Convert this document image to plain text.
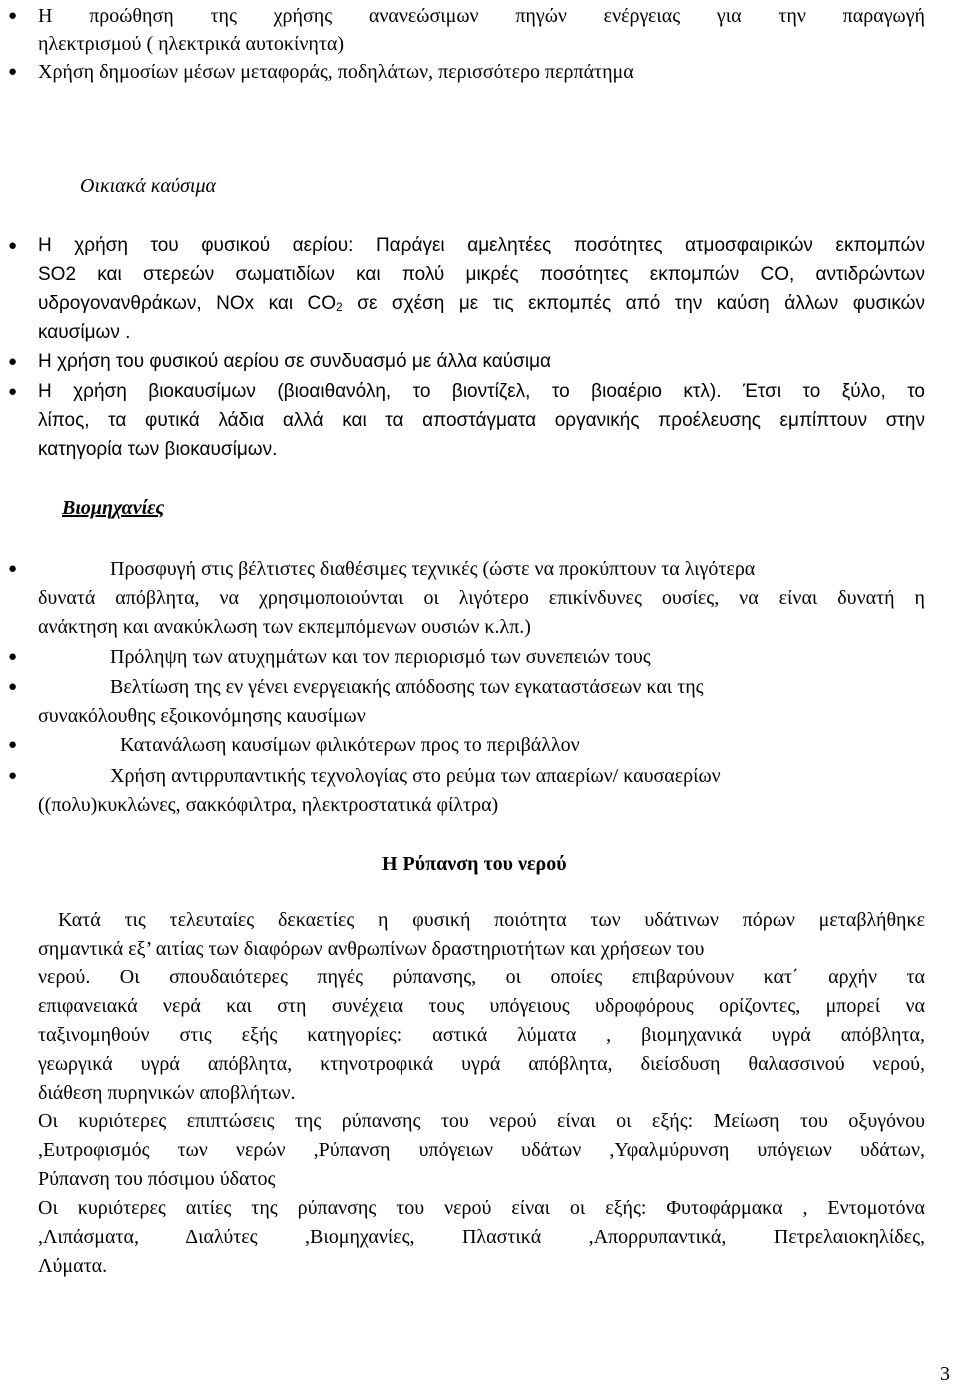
● Η προώθηση της χρήσης ανανεώσιμων πηγών ενέργειας για την παραγωγή
ηλεκτρισμού ( ηλεκτρικά αυτοκίνητα)
● Χρήση δημοσίων μέσων μεταφοράς, ποδηλάτων, περισσότερο περπάτημα
Οικιακά καύσιμα
● Η χρήση του φυσικού αερίου: Παράγει αμελητέες ποσότητες ατμοσφαιρικών εκπομπών
SO2 και στερεών σωματιδίων και πολύ μικρές ποσότητες εκπομπών CO, αντιδρώντων
υδρογονανθράκων, NOx και $CO_2$ σε σχέση με τις εκπομπές από την καύση άλλων φυσικών
καυσίμων .
● Η χρήση του φυσικού αερίου σε συνδυασμό με άλλα καύσιμα
● Η χρήση βιοκαυσίμων (βιοαιθανόλη, το βιοντίζελ, το βιοαέριο κτλ). Έτσι το ξύλο, το
λίπος, τα φυτικά λάδια αλλά και τα αποστάγματα οργανικής προέλευσης εμπίπτουν στην
κατηγορία των βιοκαυσίμων.
Βιομηχανίες
●	Προσφυγή στις βέλτιστες διαθέσιμες τεχνικές (ώστε να προκύπτουν τα λιγότερα
δυνατά απόβλητα, να χρησιμοποιούνται οι λιγότερο επικίνδυνες ουσίες, να είναι δυνατή η
ανάκτηση και ανακύκλωση των εκπεμπόμενων ουσιών κ.λπ.)
●	Πρόληψη των ατυχημάτων και τον περιορισμό των συνεπειών τους
●	Βελτίωση της εν γένει ενεργειακής απόδοσης των εγκαταστάσεων και της
συνακόλουθης εξοικονόμησης καυσίμων
●	Κατανάλωση καυσίμων φιλικότερων προς το περιβάλλον
●	Χρήση αντιρρυπαντικής τεχνολογίας στο ρεύμα των απαερίων/ καυσαερίων
((πολυ)κυκλώνες, σακκόφιλτρα, ηλεκτροστατικά φίλτρα)
Η Ρύπανση του νερού
Κατά τις τελευταίες δεκαετίες η φυσική ποιότητα των υδάτινων πόρων μεταβλήθηκε
σημαντικά εξ’ αιτίας των διαφόρων ανθρωπίνων δραστηριοτήτων και χρήσεων του
νερού. Οι σπουδαιότερες πηγές ρύπανσης, οι οποίες επιβαρύνουν κατ΄ αρχήν τα
επιφανειακά νερά και στη συνέχεια τους υπόγειους υδροφόρους ορίζοντες, μπορεί να
ταξινομηθούν στις εξής κατηγορίες: αστικά λύματα , βιομηχανικά υγρά απόβλητα,
γεωργικά υγρά απόβλητα, κτηνοτροφικά υγρά απόβλητα, διείσδυση θαλασσινού νερού,
διάθεση πυρηνικών αποβλήτων.
Οι κυριότερες επιπτώσεις της ρύπανσης του νερού είναι οι εξής: Μείωση του οξυγόνου
,Ευτροφισμός των νερών ,Ρύπανση υπόγειων υδάτων ,Υφαλμύρυνση υπόγειων υδάτων,
Ρύπανση του πόσιμου ύδατος
Οι κυριότερες αιτίες της ρύπανσης του νερού είναι οι εξής: Φυτοφάρμακα , Εντομοτόνα
,Λιπάσματα, Διαλύτες ,Βιομηχανίες, Πλαστικά ,Απορρυπαντικά, Πετρελαιοκηλίδες,
Λύματα.
3
